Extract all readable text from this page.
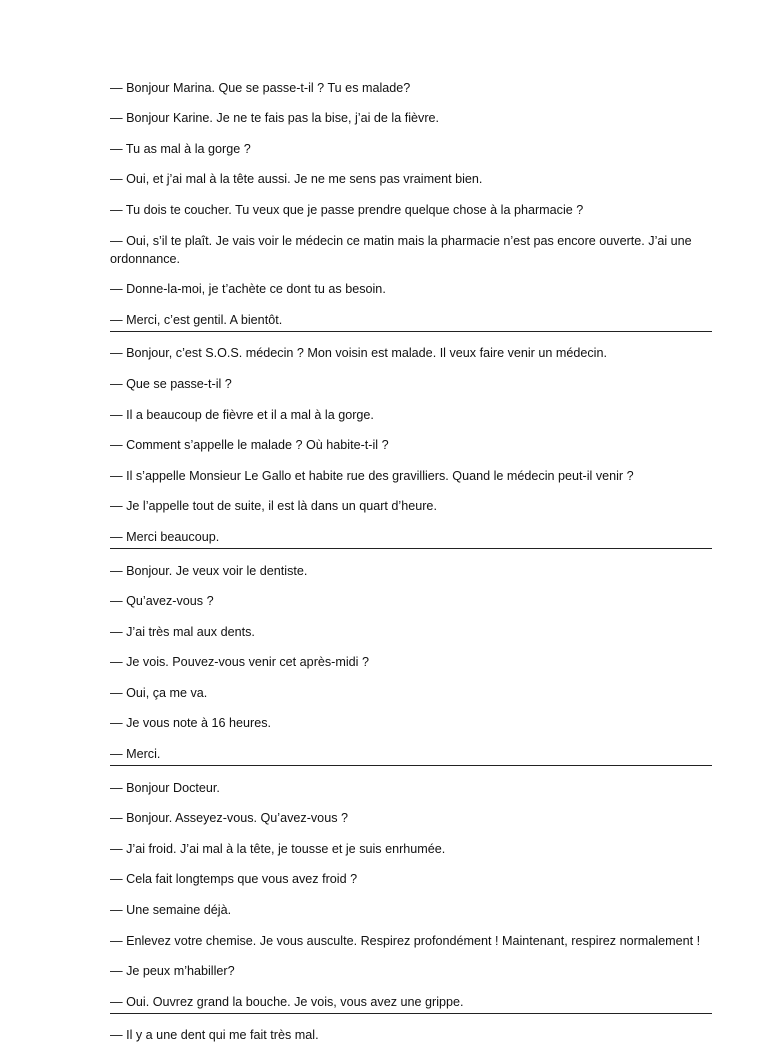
— Bonjour Marina. Que se passe-t-il ? Tu es malade?

— Bonjour Karine. Je ne te fais pas la bise, j’ai de la fièvre.

— Tu as mal à la gorge ?

— Oui, et j’ai mal à la tête aussi. Je ne me sens pas vraiment bien.

— Tu dois te coucher. Tu veux que je passe prendre quelque chose à la pharmacie ?

— Oui, s’il te plaît. Je vais voir le médecin ce matin mais la pharmacie n’est pas encore ouverte. J’ai une ordonnance.

— Donne-la-moi, je t’achète ce dont tu as besoin.

— Merci, c’est gentil. A bientôt.

— Bonjour, c’est S.O.S. médecin ? Mon voisin est malade. Il veux faire venir un médecin.

— Que se passe-t-il ?

— Il a beaucoup de fièvre et il a mal à la gorge.

— Comment s’appelle le malade ? Où habite-t-il ?

— Il s’appelle Monsieur Le Gallo et habite rue des gravilliers. Quand le médecin peut-il venir ?

— Je l’appelle tout de suite, il est là dans un quart d’heure.

— Merci beaucoup.

— Bonjour. Je veux voir le dentiste.

— Qu’avez-vous ?

— J’ai très mal aux dents.

— Je vois. Pouvez-vous venir cet après-midi ?

— Oui, ça me va.

— Je vous note à 16 heures.

— Merci.

— Bonjour Docteur.

— Bonjour. Asseyez-vous. Qu’avez-vous ?

— J’ai froid. J’ai mal à la tête, je tousse et je suis enrhumée.

— Cela fait longtemps que vous avez froid ?

— Une semaine déjà.

— Enlevez votre chemise. Je vous ausculte. Respirez profondément ! Maintenant, respirez normalement !

— Je peux m’habiller?

— Oui. Ouvrez grand la bouche. Je vois, vous avez une grippe.

— Il y a une dent qui me fait très mal.
